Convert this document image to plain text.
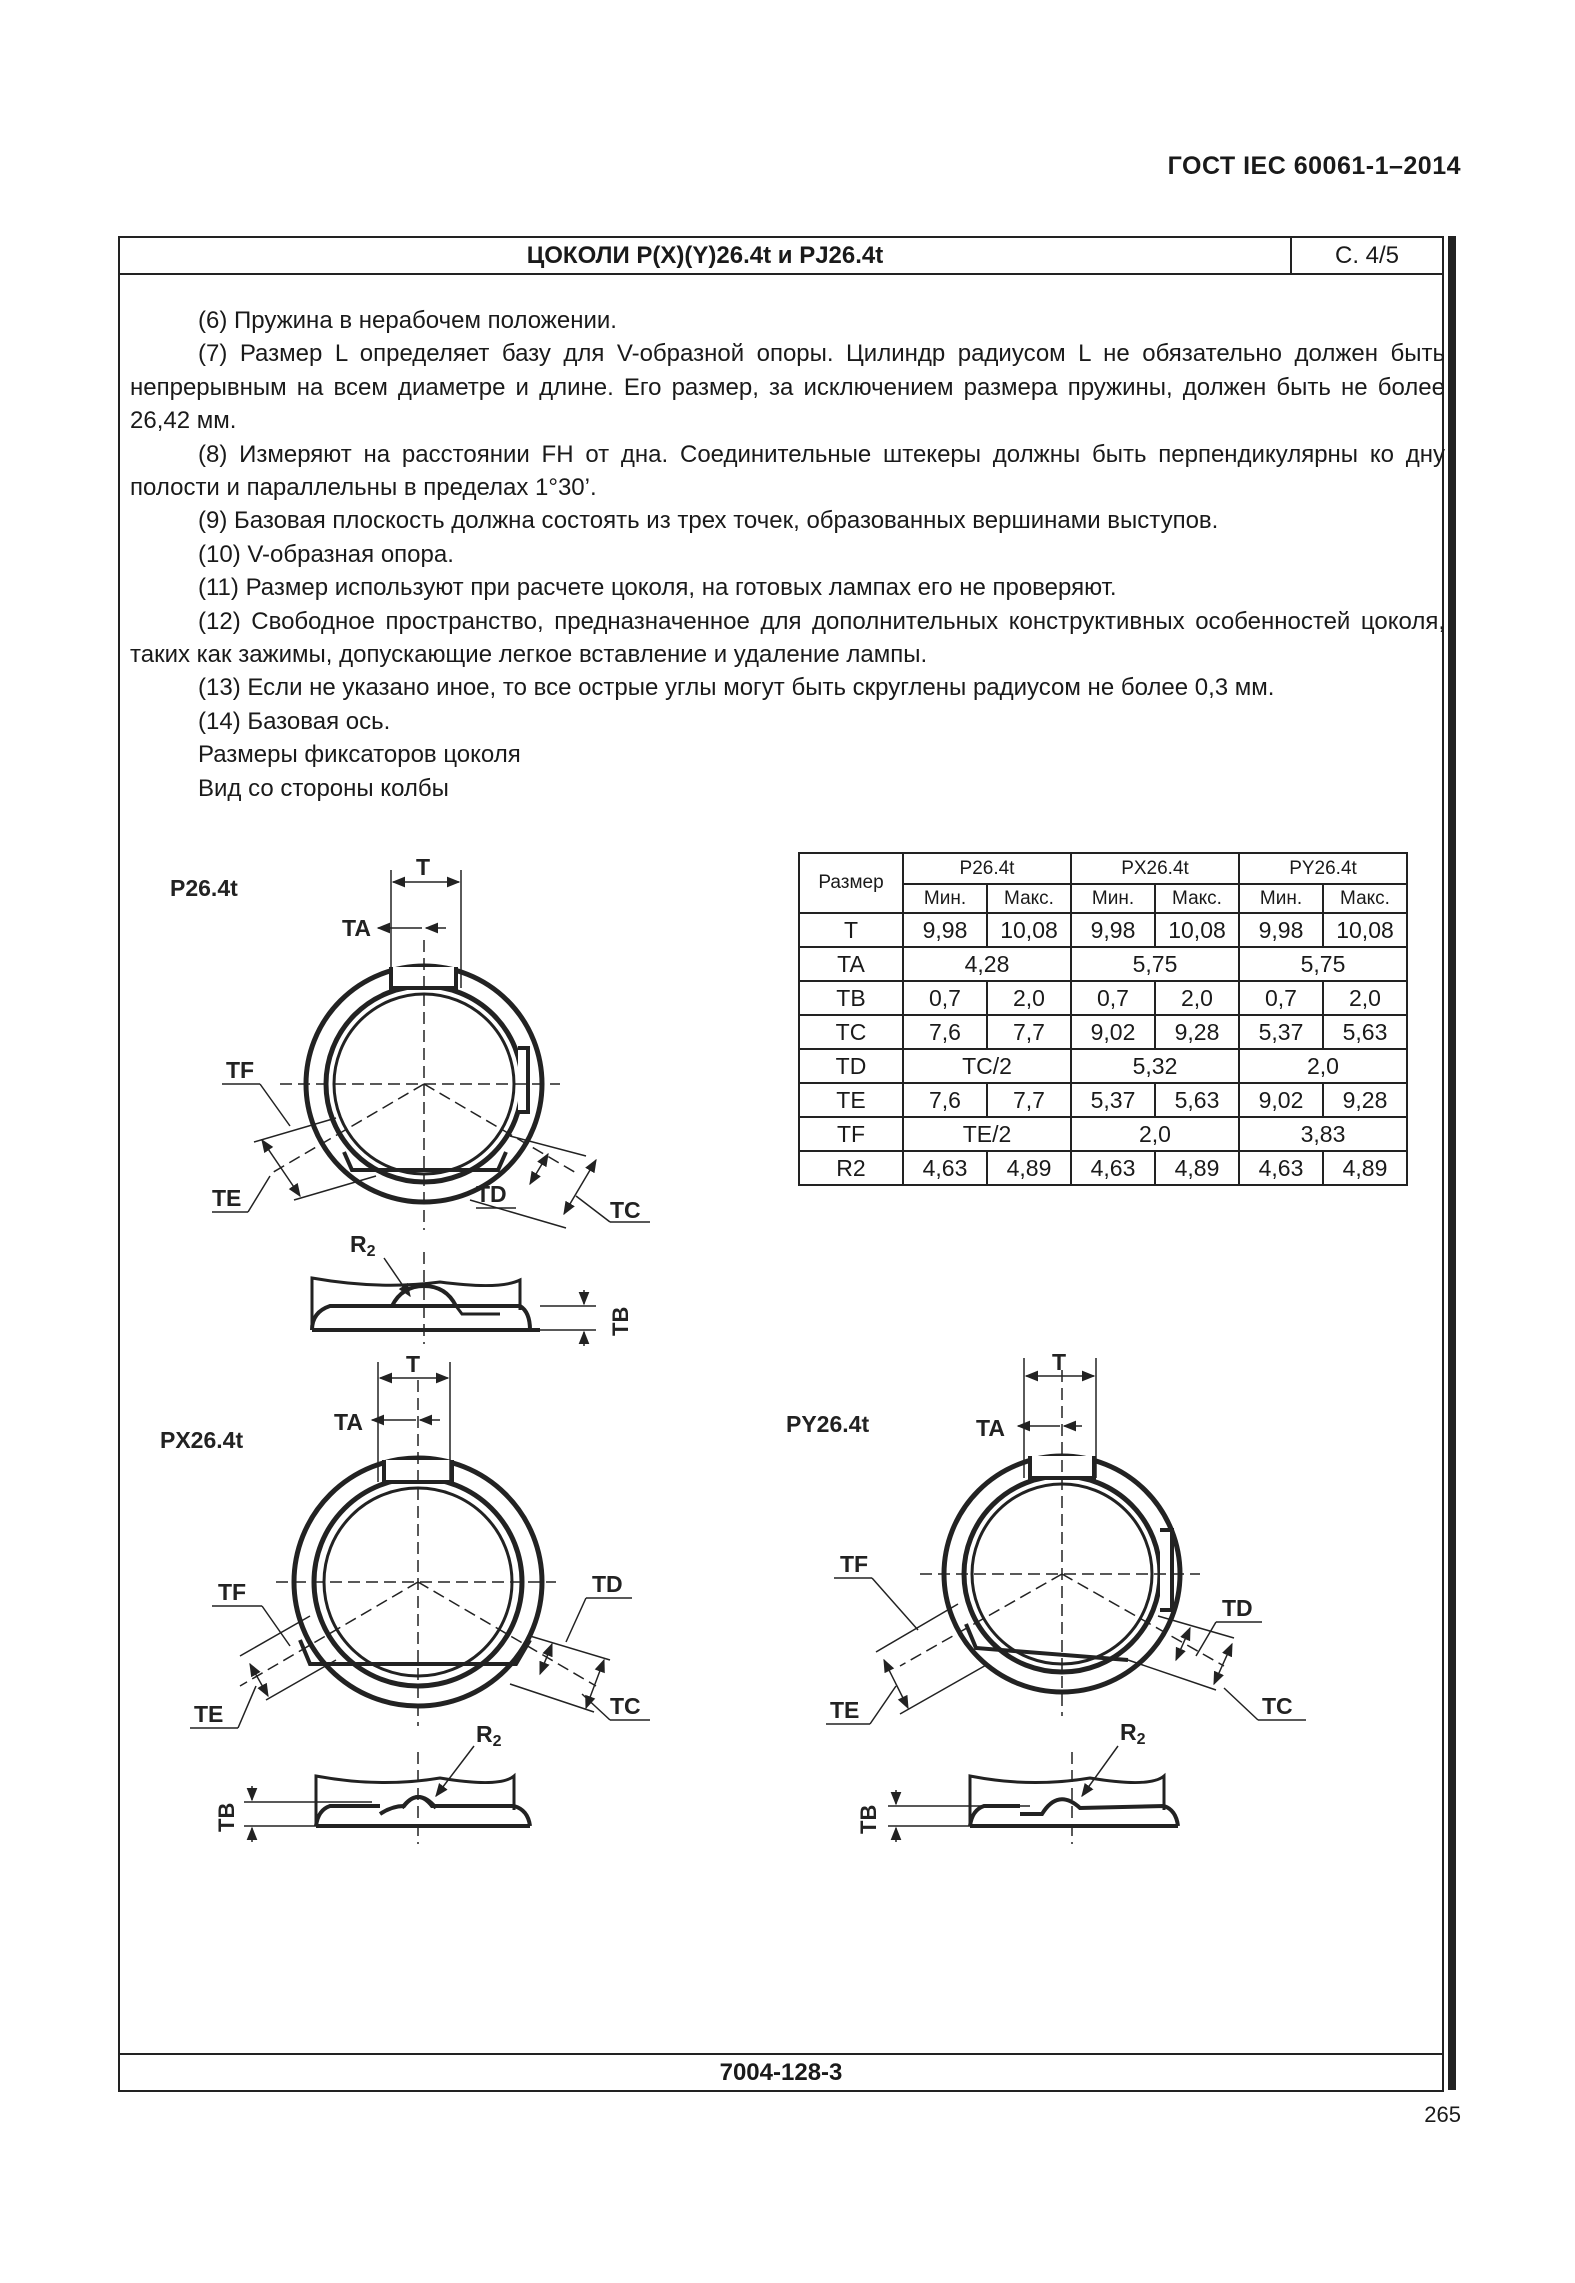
ГОСТ IEC 60061-1–2014
ЦОКОЛИ P(X)(Y)26.4t и PJ26.4t	С. 4/5

(6) Пружина в нерабочем положении.

(7) Размер L определяет базу для V-образной опоры. Цилиндр радиусом L не обязательно должен быть непрерывным на всем диаметре и длине. Его размер, за исключением размера пружины, должен быть не более 26,42 мм.

(8) Измеряют на расстоянии FH от дна. Соединительные штекеры должны быть перпендикулярны ко дну полости и параллельны в пределах 1°30’.

(9) Базовая плоскость должна состоять из трех точек, образованных вершинами выступов.

(10) V-образная опора.

(11) Размер используют при расчете цоколя, на готовых лампах его не проверяют.

(12) Свободное пространство, предназначенное для дополнительных конструктивных особенностей цоколя, таких как зажимы, допускающие легкое вставление и удаление лампы.

(13) Если не указано иное, то все острые углы могут быть скруглены радиусом не более 0,3 мм.

(14) Базовая ось.

Размеры фиксаторов цоколя

Вид со стороны колбы

7004-128-3
Размер	P26.4t		PX26.4t		PY26.4t	
	Мин.	Макс.	Мин.	Макс.	Мин.	Макс.
T	9,98	10,08	9,98	10,08	9,98	10,08
TA	4,28		5,75		5,75	
TB	0,7	2,0	0,7	2,0	0,7	2,0
TC	7,6	7,7	9,02	9,28	5,37	5,63
TD	TC/2		5,32		2,0	
TE	7,6	7,7	5,37	5,63	9,02	9,28
TF	TE/2		2,0		3,83	
R2	4,63	4,89	4,63	4,89	4,63	4,89
P26.4t
T
TA
TF
TE	TD
TC
R2
TB
PX26.4t
T
TA
TF
TE
TD
TC
TB
R2
PY26.4t
T
TA
TF
TE
TD
TC
TB
R2
265
